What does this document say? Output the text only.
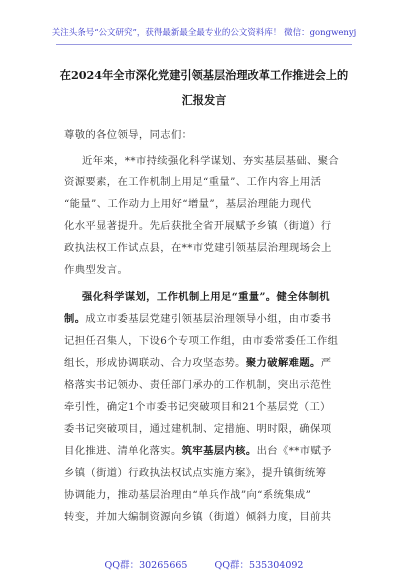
关注头条号“公文研究”，获得最新最全最专业的公文资料库！ 微信：gongwenyj
在2024年全市深化党建引领基层治理改革工作推进会上的
汇报发言
尊敬的各位领导，同志们：
近年来，**市持续强化科学谋划、夯实基层基础、聚合
资源要素，在工作机制上用足“重量”、工作内容上用活
“能量”、工作动力上用好“增量”，基层治理能力现代
化水平显著提升。先后获批全省开展赋予乡镇（街道）行
政执法权工作试点县，在**市党建引领基层治理现场会上
作典型发言。
强化科学谋划，工作机制上用足“重量”。健全体制机
制。成立市委基层党建引领基层治理领导小组，由市委书
记担任召集人，下设6个专项工作组，由市委常委任工作组
组长，形成协调联动、合力攻坚态势。聚力破解难题。严
格落实书记领办、责任部门承办的工作机制，突出示范性
牵引性，确定1个市委书记突破项目和21个基层党（工）
委书记突破项目，通过建机制、定措施、明时限，确保项
目化推进、清单化落实。筑牢基层内核。出台《**市赋予
乡镇（街道）行政执法权试点实施方案》，提升镇街统筹
协调能力，推动基层治理由“单兵作战”向“系统集成”
转变，并加大编制资源向乡镇（街道）倾斜力度，目前共
QQ群：30265665	QQ群：535304092
